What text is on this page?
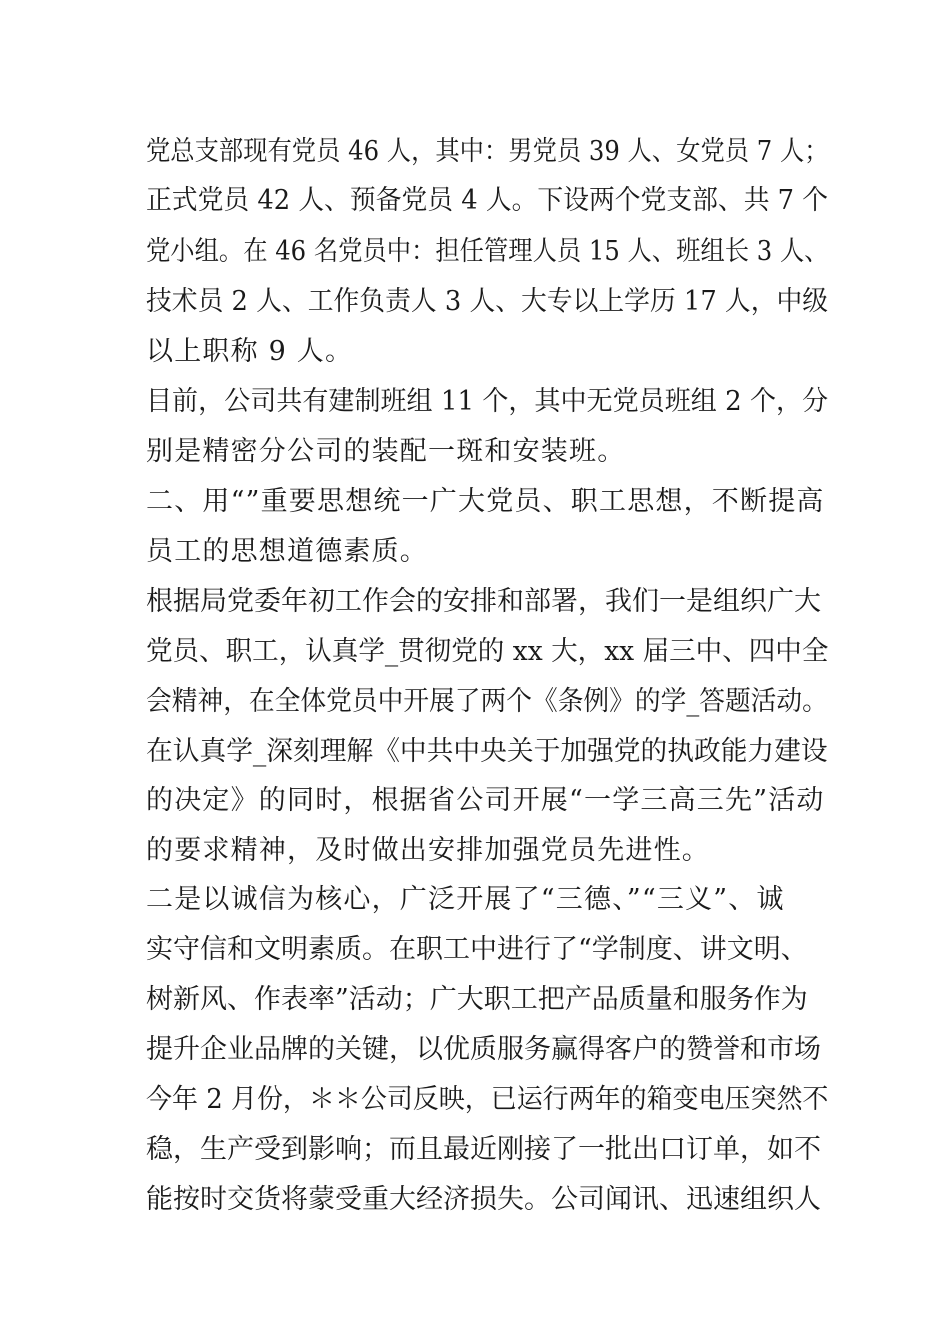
党总支部现有党员 46 人，其中：男党员 39 人、女党员 7 人；
正式党员 42 人、预备党员 4 人。下设两个党支部、共 7 个
党小组。在 46 名党员中：担任管理人员 15 人、班组长 3 人、
技术员 2 人、工作负责人 3 人、大专以上学历 17 人，中级
以上职称 9 人。
目前，公司共有建制班组 11 个，其中无党员班组 2 个，分
别是精密分公司的装配一斑和安装班。
二、用“”重要思想统一广大党员、职工思想，不断提高
员工的思想道德素质。
根据局党委年初工作会的安排和部署，我们一是组织广大
党员、职工，认真学_贯彻党的 xx 大，xx 届三中、四中全
会精神，在全体党员中开展了两个《条例》的学_答题活动。
在认真学_深刻理解《中共中央关于加强党的执政能力建设
的决定》的同时，根据省公司开展“一学三高三先”活动
的要求精神，及时做出安排加强党员先进性。
二是以诚信为核心，广泛开展了“三德、”“三义”、诚
实守信和文明素质。在职工中进行了“学制度、讲文明、
树新风、作表率”活动；广大职工把产品质量和服务作为
提升企业品牌的关键，以优质服务赢得客户的赞誉和市场
今年 2 月份，＊＊公司反映，已运行两年的箱变电压突然不
稳，生产受到影响；而且最近刚接了一批出口订单，如不
能按时交货将蒙受重大经济损失。公司闻讯、迅速组织人
